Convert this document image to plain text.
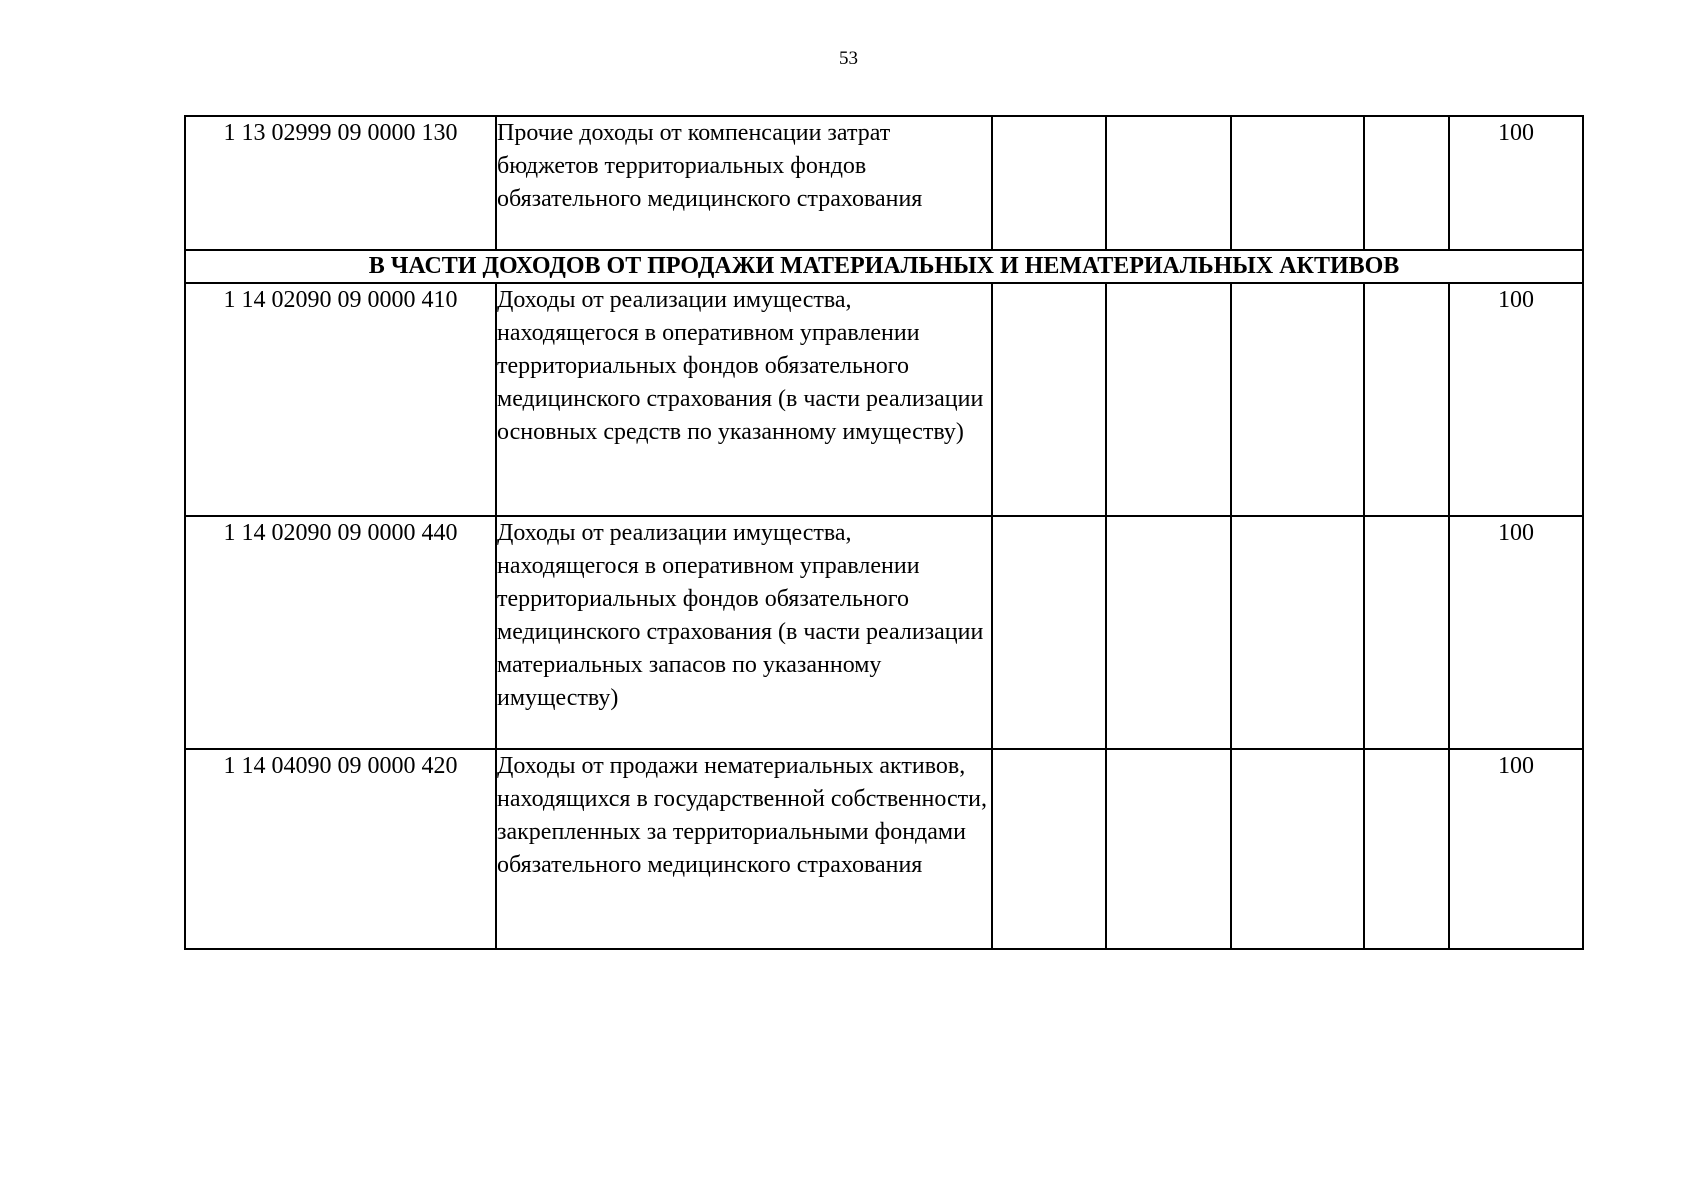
53
1 13 02999 09 0000 130	Прочие доходы от компенсации затрат бюджетов территориальных фондов обязательного медицинского страхования					100
В ЧАСТИ ДОХОДОВ ОТ ПРОДАЖИ МАТЕРИАЛЬНЫХ И НЕМАТЕРИАЛЬНЫХ АКТИВОВ						
1 14 02090 09 0000 410	Доходы от реализации имущества, находящегося в оперативном управлении территориальных фондов обязательного медицинского страхования (в части реализации основных средств по указанному имуществу)					100
1 14 02090 09 0000 440	Доходы от реализации имущества, находящегося в оперативном управлении территориальных фондов обязательного медицинского страхования (в части реализации материальных запасов по указанному имуществу)					100
1 14 04090 09 0000 420	Доходы от продажи нематериальных активов, находящихся в государственной собственности, закрепленных за территориальными фондами обязательного медицинского страхования					100
